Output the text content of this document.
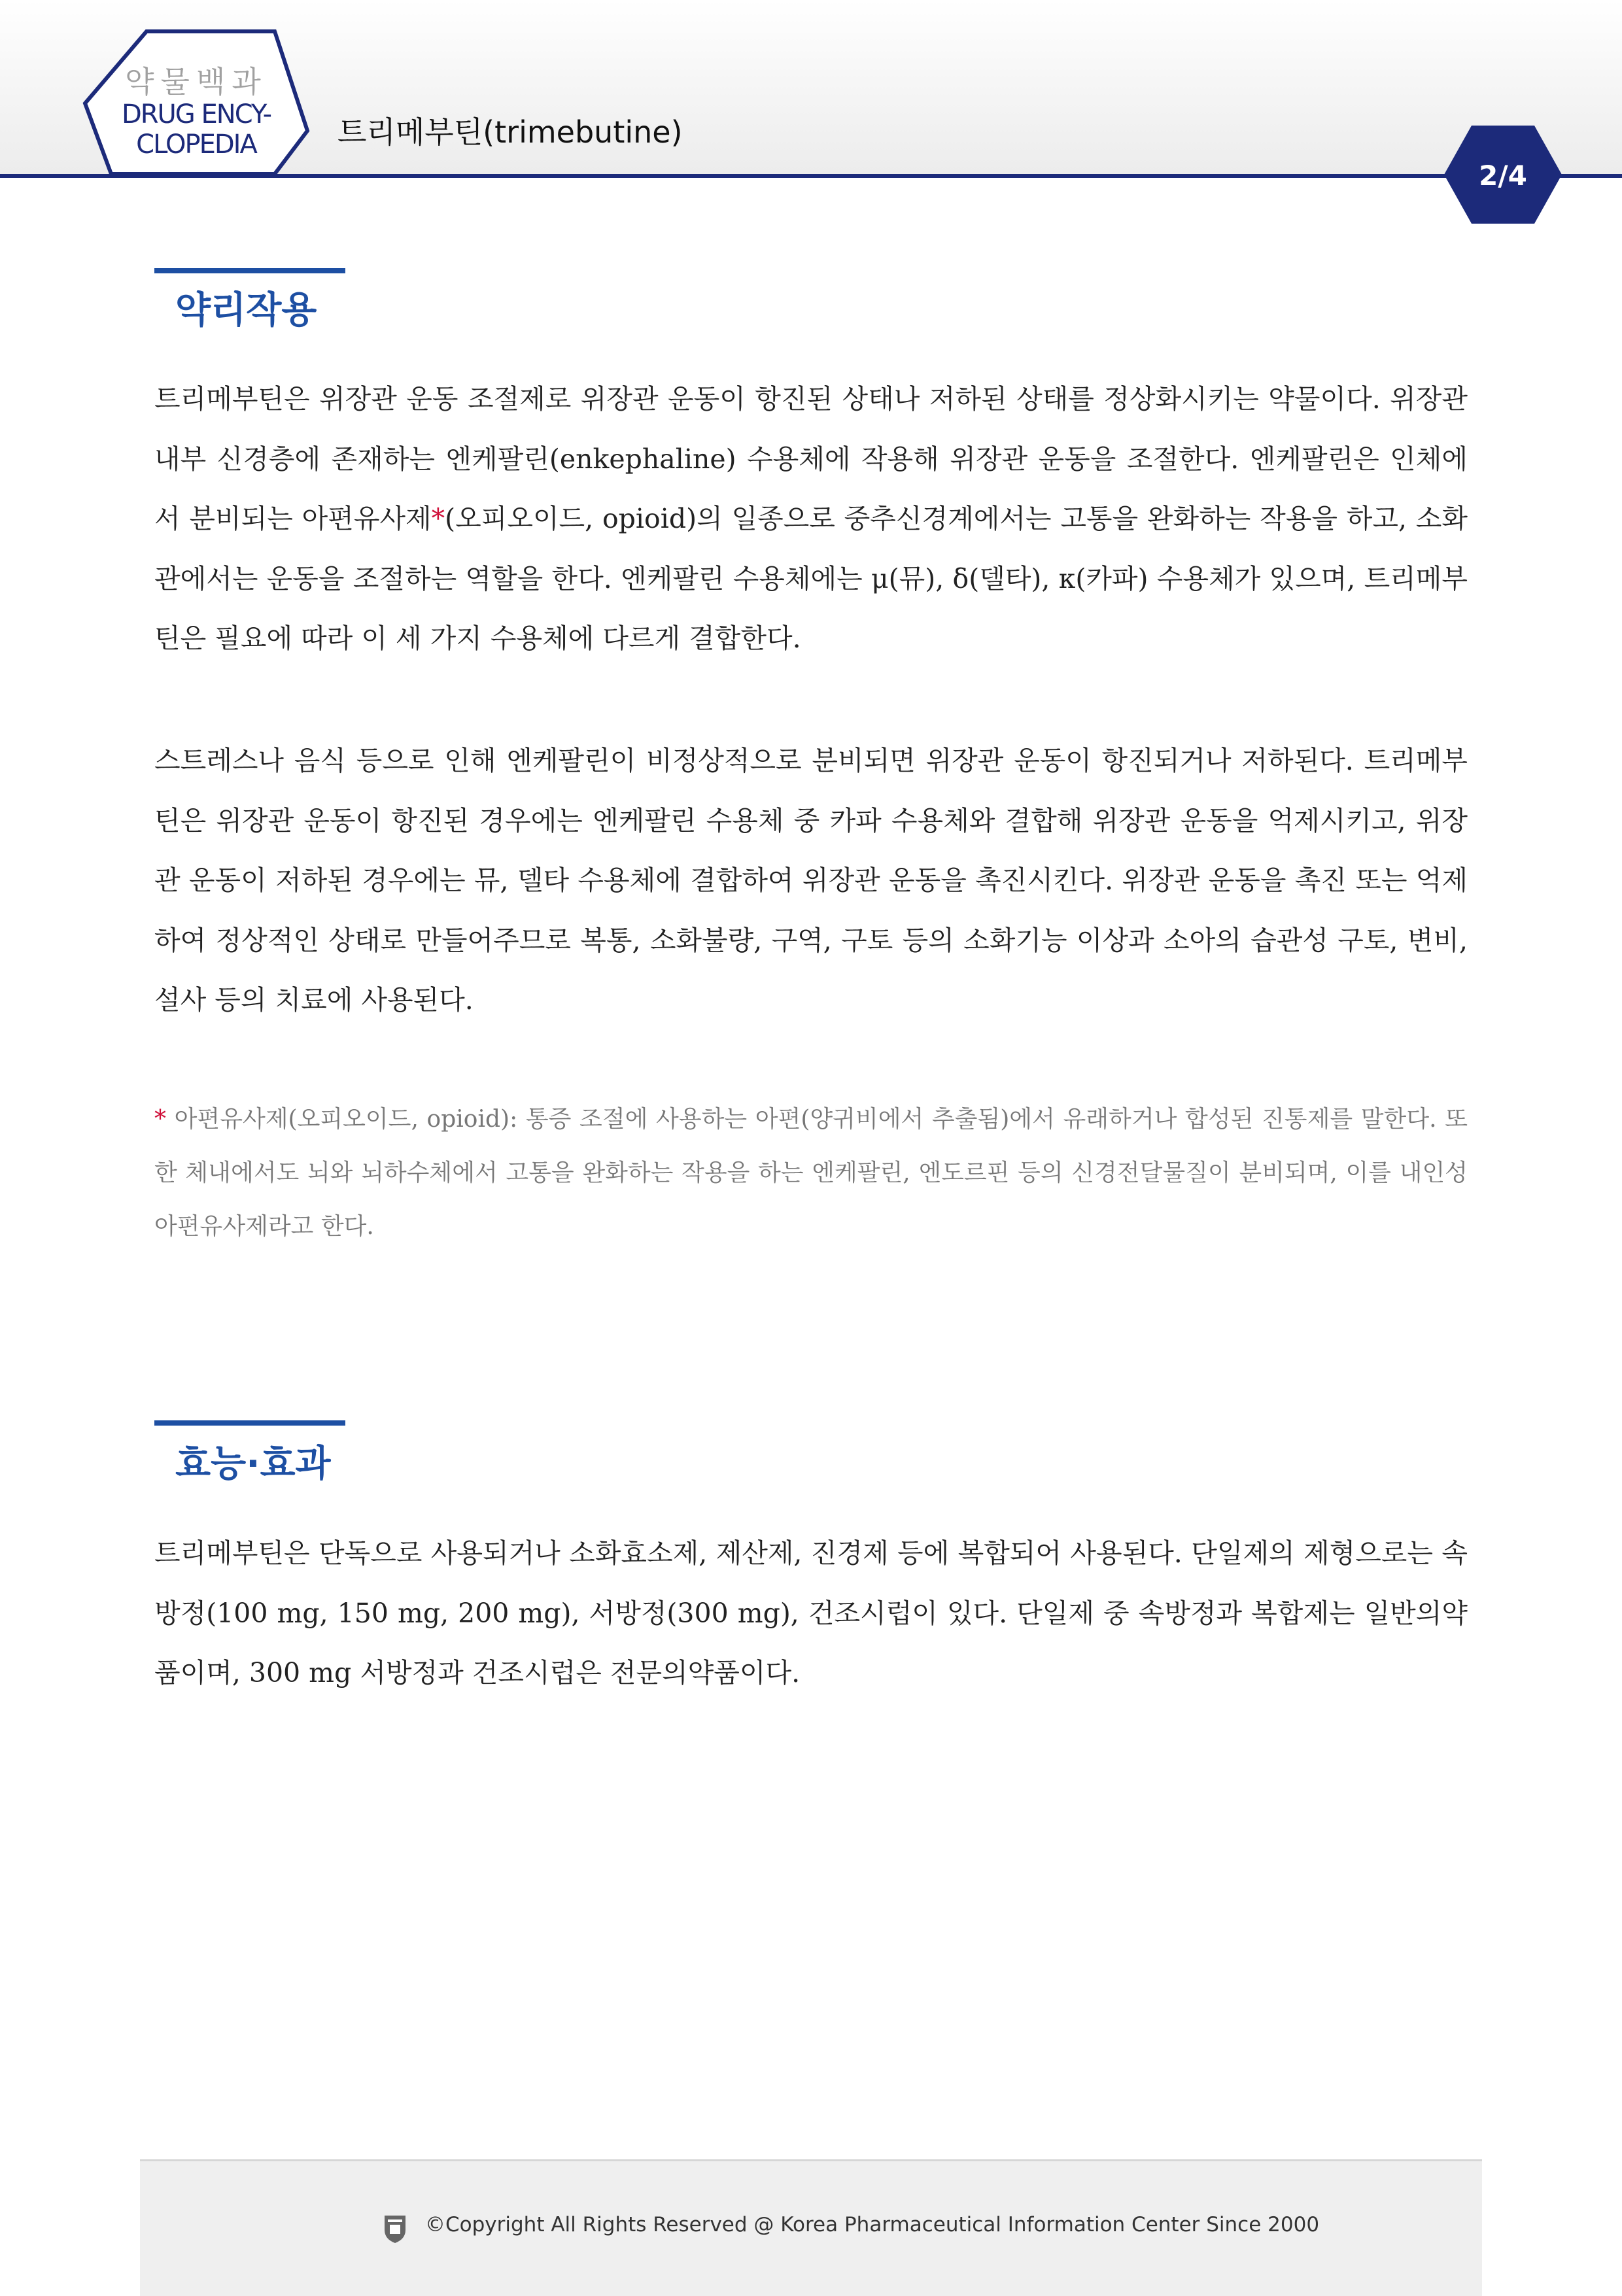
약물백과
DRUG ENCY-
CLOPEDIA	트리메부틴(trimebutine)
2/4
약리작용

트리메부틴은 위장관 운동 조절제로 위장관 운동이 항진된 상태나 저하된 상태를 정상화시키는 약물이다. 위장관 내부 신경층에 존재하는 엔케팔린(enkephaline) 수용체에 작용해 위장관 운동을 조절한다. 엔케팔린은 인체에서 분비되는 아편유사제*(오피오이드, opioid)의 일종으로 중추신경계에서는 고통을 완화하는 작용을 하고, 소화관에서는 운동을 조절하는 역할을 한다. 엔케팔린 수용체에는 μ(뮤), δ(델타), κ(카파) 수용체가 있으며, 트리메부틴은 필요에 따라 이 세 가지 수용체에 다르게 결합한다.

스트레스나 음식 등으로 인해 엔케팔린이 비정상적으로 분비되면 위장관 운동이 항진되거나 저하된다. 트리메부틴은 위장관 운동이 항진된 경우에는 엔케팔린 수용체 중 카파 수용체와 결합해 위장관 운동을 억제시키고, 위장관 운동이 저하된 경우에는 뮤, 델타 수용체에 결합하여 위장관 운동을 촉진시킨다. 위장관 운동을 촉진 또는 억제하여 정상적인 상태로 만들어주므로 복통, 소화불량, 구역, 구토 등의 소화기능 이상과 소아의 습관성 구토, 변비, 설사 등의 치료에 사용된다.

* 아편유사제(오피오이드, opioid): 통증 조절에 사용하는 아편(양귀비에서 추출됨)에서 유래하거나 합성된 진통제를 말한다. 또한 체내에서도 뇌와 뇌하수체에서 고통을 완화하는 작용을 하는 엔케팔린, 엔도르핀 등의 신경전달물질이 분비되며, 이를 내인성 아편유사제라고 한다.

효능·효과

트리메부틴은 단독으로 사용되거나 소화효소제, 제산제, 진경제 등에 복합되어 사용된다. 단일제의 제형으로는 속방정(100 mg, 150 mg, 200 mg), 서방정(300 mg), 건조시럽이 있다. 단일제 중 속방정과 복합제는 일반의약품이며, 300 mg 서방정과 건조시럽은 전문의약품이다.

©Copyright All Rights Reserved @ Korea Pharmaceutical Information Center Since 2000
